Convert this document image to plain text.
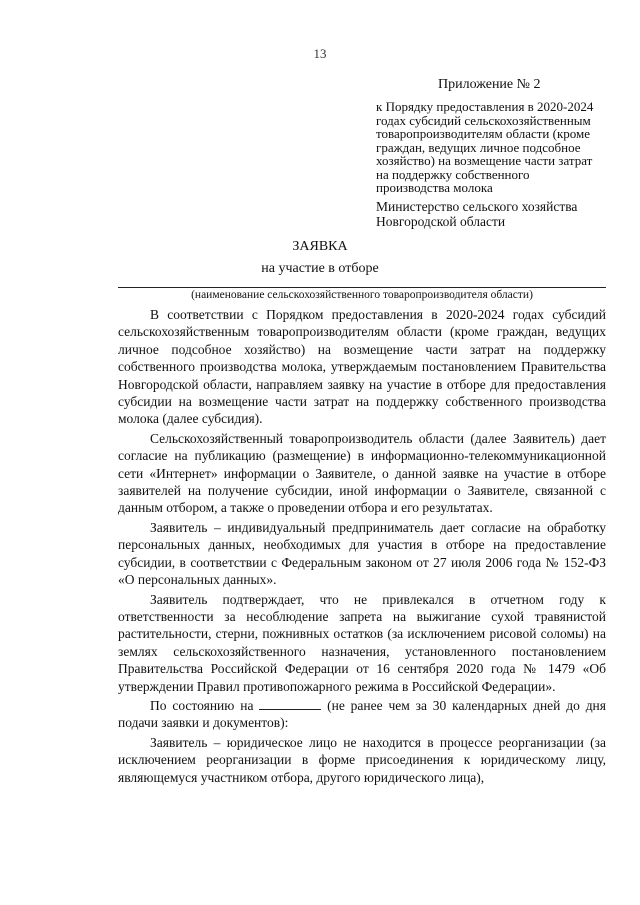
13
Приложение № 2
к Порядку предоставления в 2020-2024 годах субсидий сельскохозяйственным товаропроизводителям области (кроме граждан, ведущих личное подсобное хозяйство) на возмещение части затрат на поддержку собственного производства молока
Министерство сельского хозяйства Новгородской области
ЗАЯВКА
на участие в отборе
(наименование сельскохозяйственного товаропроизводителя области)

В соответствии с Порядком предоставления в 2020-2024 годах субсидий сельскохозяйственным товаропроизводителям области (кроме граждан, ведущих личное подсобное хозяйство) на возмещение части затрат на поддержку собственного производства молока, утверждаемым постановлением Правительства Новгородской области, направляем заявку на участие в отборе для предоставления субсидии на возмещение части затрат на поддержку собственного производства молока (далее субсидия).

Сельскохозяйственный товаропроизводитель области (далее Заявитель) дает согласие на публикацию (размещение) в информационно-телекоммуникационной сети «Интернет» информации о Заявителе, о данной заявке на участие в отборе заявителей на получение субсидии, иной информации о Заявителе, связанной с данным отбором, а также о проведении отбора и его результатах.

Заявитель – индивидуальный предприниматель дает согласие на обработку персональных данных, необходимых для участия в отборе на предоставление субсидии, в соответствии с Федеральным законом от 27 июля 2006 года № 152-ФЗ «О персональных данных».

Заявитель подтверждает, что не привлекался в отчетном году к ответственности за несоблюдение запрета на выжигание сухой травянистой растительности, стерни, пожнивных остатков (за исключением рисовой соломы) на землях сельскохозяйственного назначения, установленного постановлением Правительства Российской Федерации от 16 сентября 2020 года № 1479 «Об утверждении Правил противопожарного режима в Российской Федерации».

По состоянию на	(не ранее чем за 30 календарных дней до дня подачи заявки и документов):

Заявитель – юридическое лицо не находится в процессе реорганизации (за исключением реорганизации в форме присоединения к юридическому лицу, являющемуся участником отбора, другого юридического лица),
